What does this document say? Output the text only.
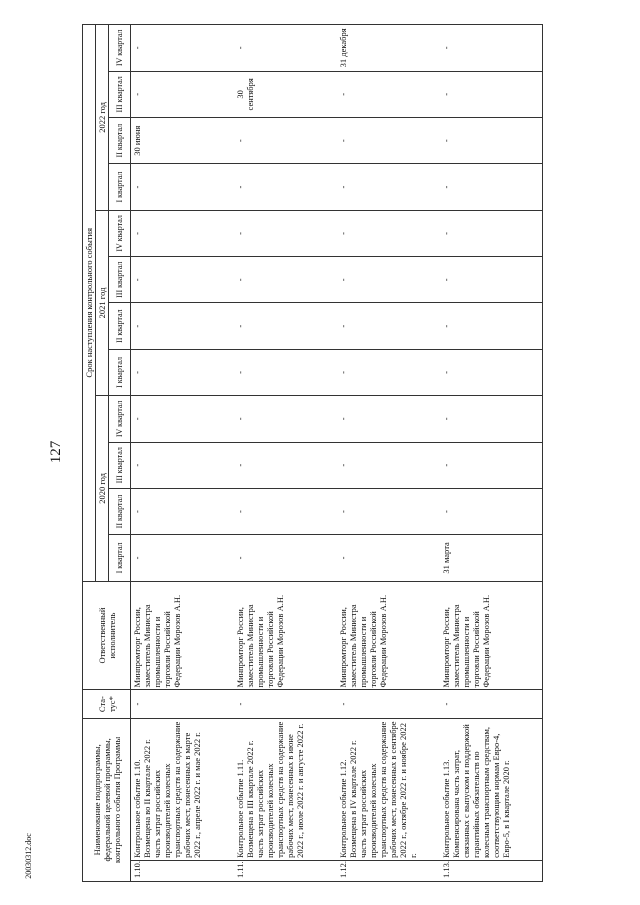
127
20030312.doc
Наименование подпрограммы, федеральной целевой программы, контрольного события Программы		Ста-тус*	Ответственный исполнитель	Срок наступления контрольного события											
				2020 год				2021 год				2022 год			
				I квартал	II квартал	III квартал	IV квартал	I квартал	II квартал	III квартал	IV квартал	I квартал	II квартал	III квартал	IV квартал
1.10.	Контрольное событие 1.10. Возмещена во II квартале 2022 г. часть затрат российских производителей колесных транспортных средств на содержание рабочих мест, понесенных в марте 2022 г., апреле 2022 г. и мае 2022 г.	-	Минпромторг России, заместитель Министра промышленности и торговли Российской Федерации Морозов А.Н.	-	-	-	-	-	-	-	-	-	30 июня	-	-
1.11.	Контрольное событие 1.11. Возмещена в III квартале 2022 г. часть затрат российских производителей колесных транспортных средств на содержание рабочих мест, понесенных в июне 2022 г., июле 2022 г. и августе 2022 г.	-	Минпромторг России, заместитель Министра промышленности и торговли Российской Федерации Морозов А.Н.	-	-	-	-	-	-	-	-	-	-	30 сентября	-
1.12.	Контрольное событие 1.12. Возмещена в IV квартале 2022 г. часть затрат российских производителей колесных транспортных средств на содержание рабочих мест, понесенных в сентябре 2022 г., октябре 2022 г. и ноябре 2022 г.	-	Минпромторг России, заместитель Министра промышленности и торговли Российской Федерации Морозов А.Н.	-	-	-	-	-	-	-	-	-	-	-	31 декабря
1.13.	Контрольное событие 1.13. Компенсирована часть затрат, связанных с выпуском и поддержкой гарантийных обязательств по колесным транспортным средствам, соответствующим нормам Евро-4, Евро-5, в I квартале 2020 г.	-	Минпромторг России, заместитель Министра промышленности и торговли Российской Федерации Морозов А.Н.	31 марта	-	-	-	-	-	-	-	-	-	-	-
